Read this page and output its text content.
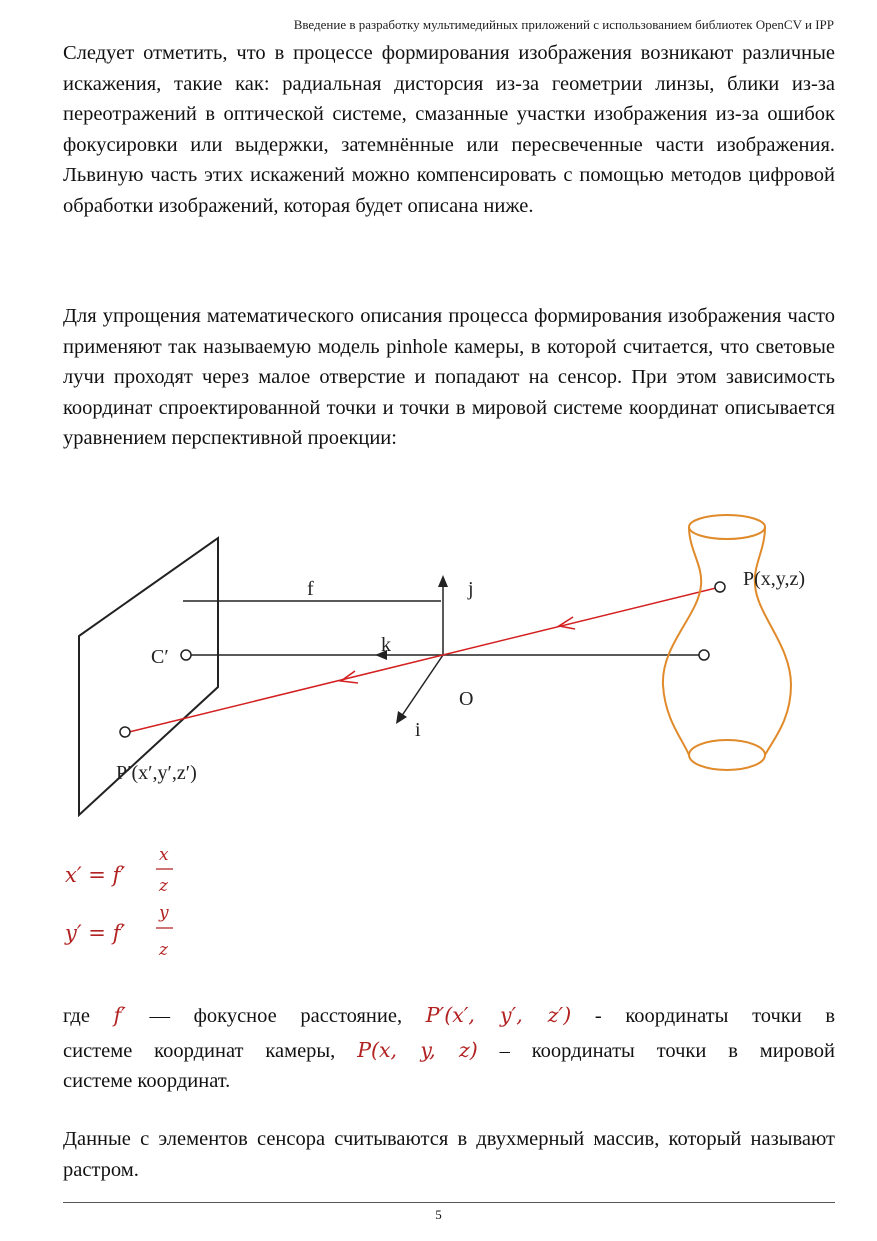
Введение в разработку мультимедийных приложений с использованием библиотек OpenCV и IPP

Следует отметить, что в процессе формирования изображения возникают различные искажения, такие как: радиальная дисторсия из-за геометрии линзы, блики из-за переотражений в оптической системе, смазанные участки изображения из-за ошибок фокусировки или выдержки, затемнённые или пересвеченные части изображения. Львиную часть этих искажений можно компенсировать с помощью методов цифровой обработки изображений, которая будет описана ниже.

Для упрощения математического описания процесса формирования изображения часто применяют так называемую модель pinhole камеры, в которой считается, что световые лучи проходят через малое отверстие и попадают на сенсор. При этом зависимость координат спроектированной точки и точки в мировой системе координат описывается уравнением перспективной проекции:

f	j
k
i
O
C′
P(x,y,z)
P′(x′,y′,z′)
x′ = f′
x
z
y′ = f′
y
z
где f′ — фокусное расстояние, P′(x′, y′, z′) - координаты точки в
системе координат камеры, P(x, y, z) – координаты точки в мировой
системе координат.

Данные с элементов сенсора считываются в двухмерный массив, который называют растром.

5
